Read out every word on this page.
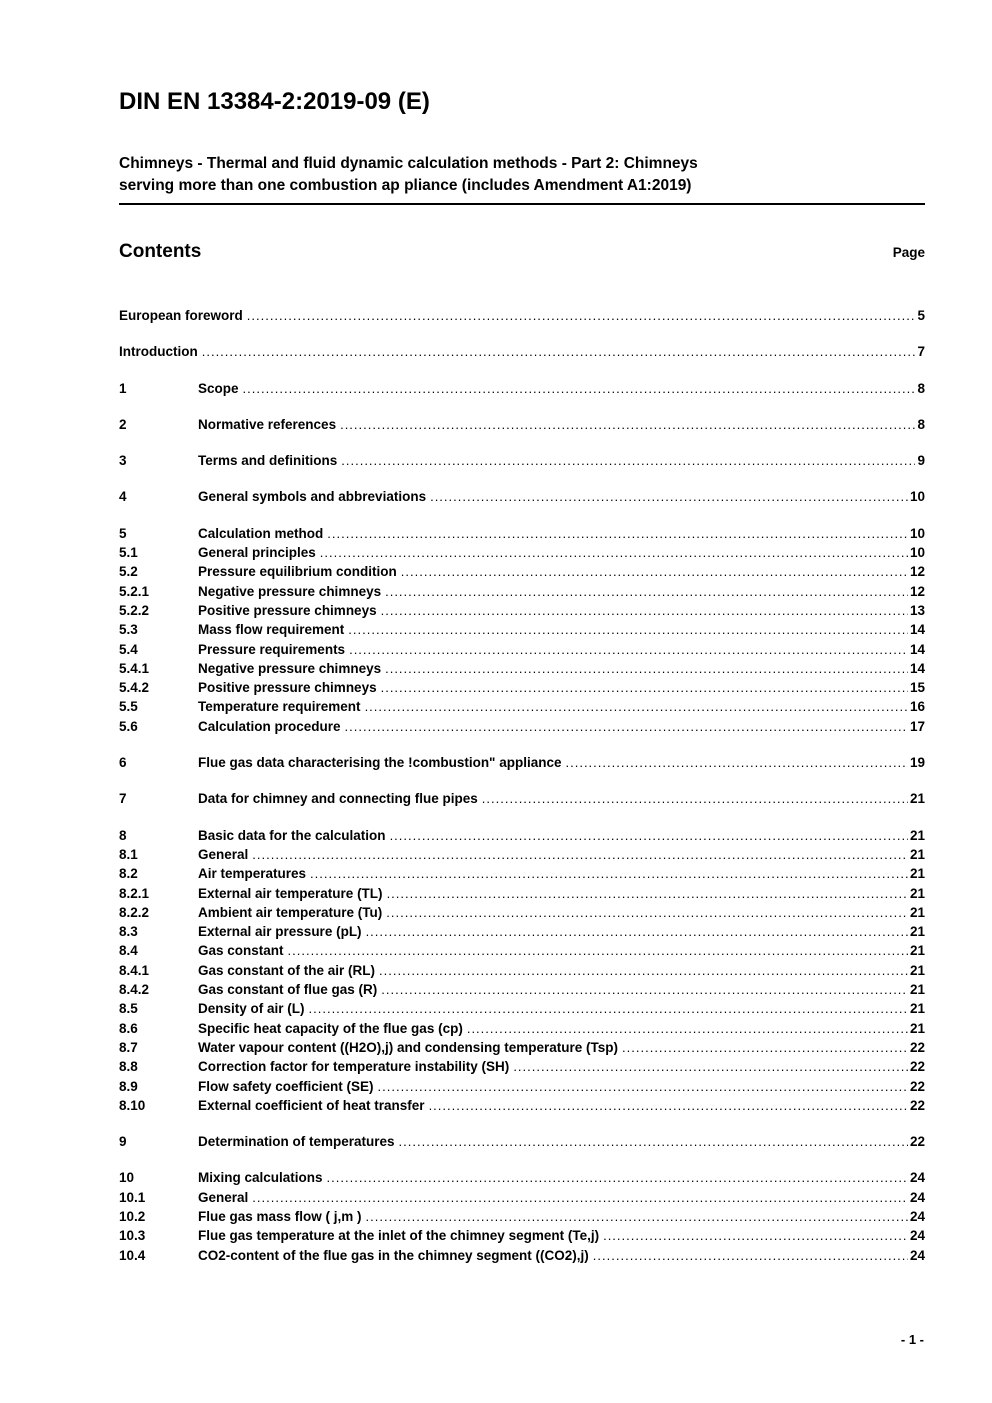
DIN EN 13384-2:2019-09 (E)
Chimneys - Thermal and fluid dynamic calculation methods - Part 2: Chimneys
serving more than one combustion ap pliance (includes Amendment A1:2019)
Contents	Page
European foreword .....	5
Introduction .....	7
1	Scope .....	8
2	Normative references .....	8
3	Terms and definitions .....	9
4	General symbols and abbreviations .....	10
5	Calculation method .....	10
5.1	General principles .....	10
5.2	Pressure equilibrium condition .....	12
5.2.1	Negative pressure chimneys .....	12
5.2.2	Positive pressure chimneys .....	13
5.3	Mass flow requirement .....	14
5.4	Pressure requirements .....	14
5.4.1	Negative pressure chimneys .....	14
5.4.2	Positive pressure chimneys .....	15
5.5	Temperature requirement .....	16
5.6	Calculation procedure .....	17
6	Flue gas data characterising the !combustion" appliance .....	19
7	Data for chimney and connecting flue pipes .....	21
8	Basic data for the calculation .....	21
8.1	General .....	21
8.2	Air temperatures .....	21
8.2.1	External air temperature (TL) .....	21
8.2.2	Ambient air temperature (Tu) .....	21
8.3	External air pressure (pL) .....	21
8.4	Gas constant .....	21
8.4.1	Gas constant of the air (RL) .....	21
8.4.2	Gas constant of flue gas (R) .....	21
8.5	Density of air (L) .....	21
8.6	Specific heat capacity of the flue gas (cp) .....	21
8.7	Water vapour content ((H2O),j) and condensing temperature (Tsp) .....	22
8.8	Correction factor for temperature instability (SH) .....	22
8.9	Flow safety coefficient (SE) .....	22
8.10	External coefficient of heat transfer .....	22
9	Determination of temperatures .....	22
10	Mixing calculations .....	24
10.1	General .....	24
10.2	Flue gas mass flow ( j,m ) .....	24
10.3	Flue gas temperature at the inlet of the chimney segment (Te,j) .....	24
10.4	CO2-content of the flue gas in the chimney segment ((CO2),j) .....	24
- 1 -
